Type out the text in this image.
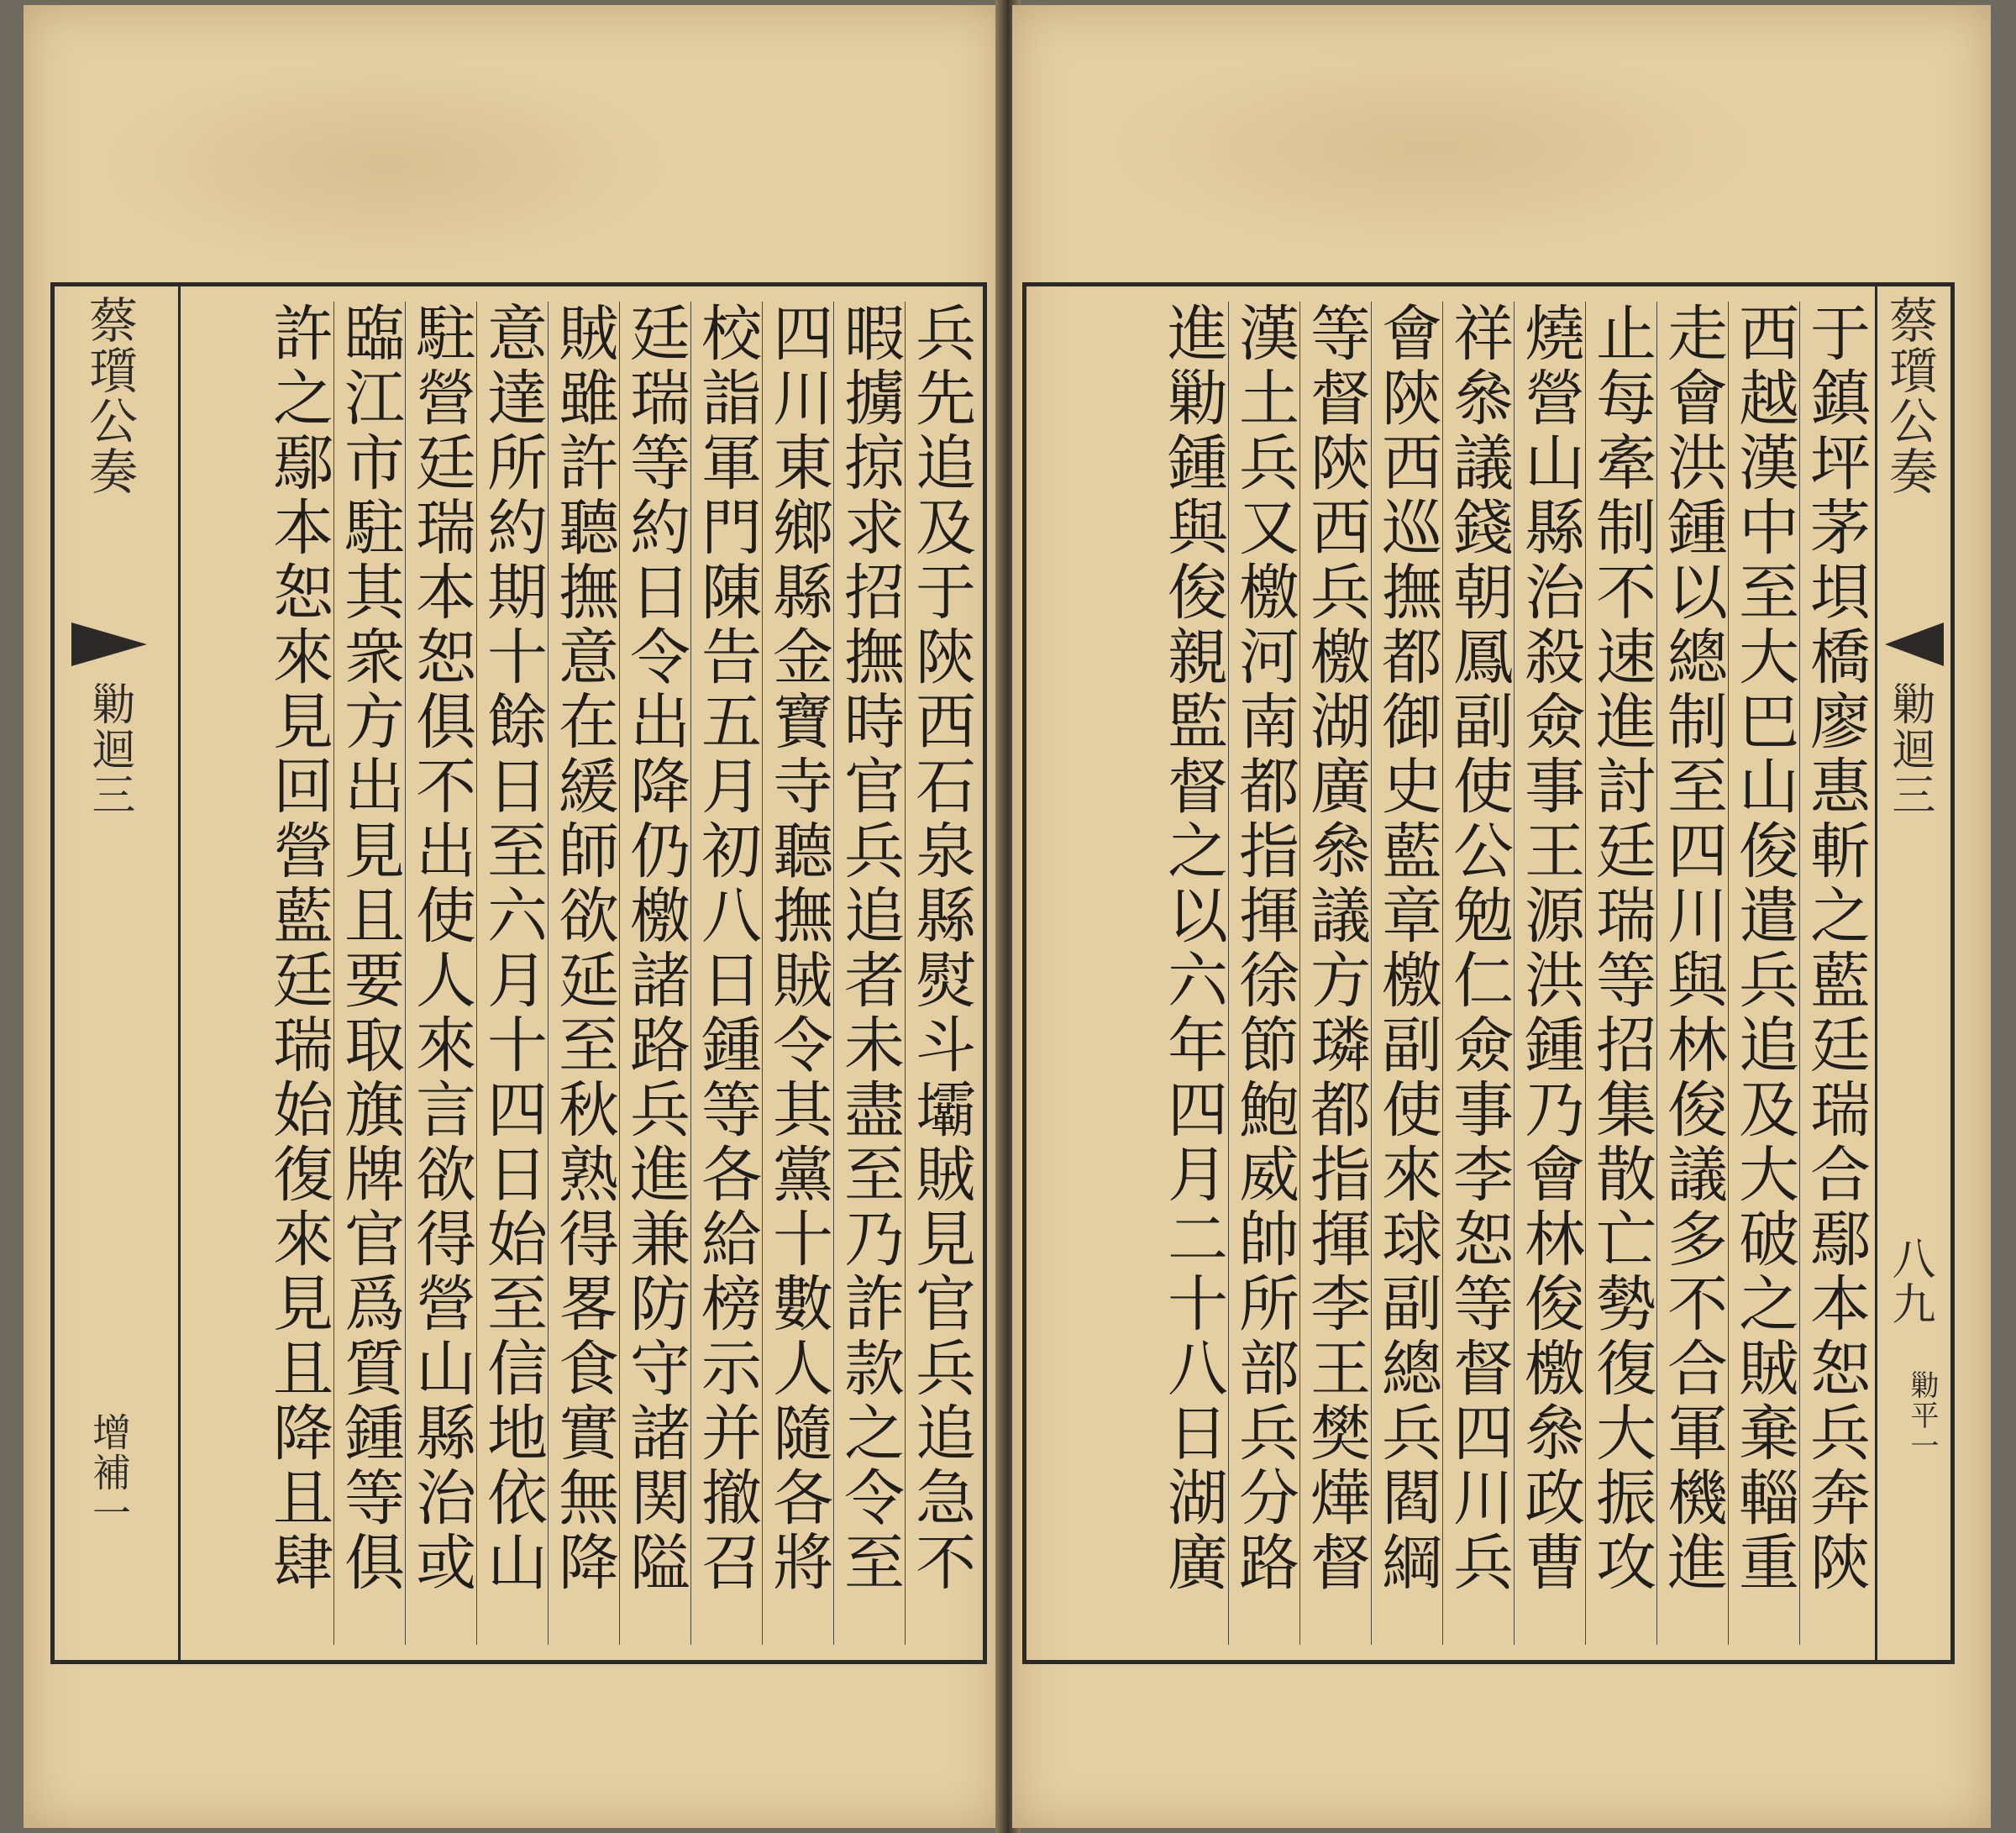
蔡瓆公奏
勦迴三
增補一	兵先追及于陝西石泉縣熨斗壩賊見官兵追急不
暇擄掠求招撫時官兵追者未盡至乃詐款之令至
四川東鄉縣金寶寺聽撫賊令其黨十數人隨各將
校詣軍門陳告五月初八日鍾等各給榜示并撤召
廷瑞等約日令出降仍檄諸路兵進兼防守諸関隘
賊雖許聽撫意在緩師欲延至秋熟得畧食實無降
意達所約期十餘日至六月十四日始至信地依山
駐營廷瑞本恕俱不出使人來言欲得營山縣治或
臨江市駐其衆方出見且要取旗牌官爲質鍾等俱
許之鄢本恕來見回營藍廷瑞始復來見且降且肆	于鎮坪茅垻橋廖惠斬之藍廷瑞合鄢本恕兵奔陝
西越漢中至大巴山俊遣兵追及大破之賊棄輜重
走會洪鍾以總制至四川與林俊議多不合軍機進
止每牽制不速進討廷瑞等招集散亡勢復大振攻
燒營山縣治殺僉事王源洪鍾乃會林俊檄叅政曹
祥叅議錢朝鳳副使公勉仁僉事李恕等督四川兵
會陝西巡撫都御史藍章檄副使來球副總兵閻綱
等督陝西兵檄湖廣叅議方璘都指揮李王樊燁督
漢土兵又檄河南都指揮徐節鮑威帥所部兵分路
進勦鍾與俊親監督之以六年四月二十八日湖廣	蔡瓆公奏
勦迴三
八九
勦平一
